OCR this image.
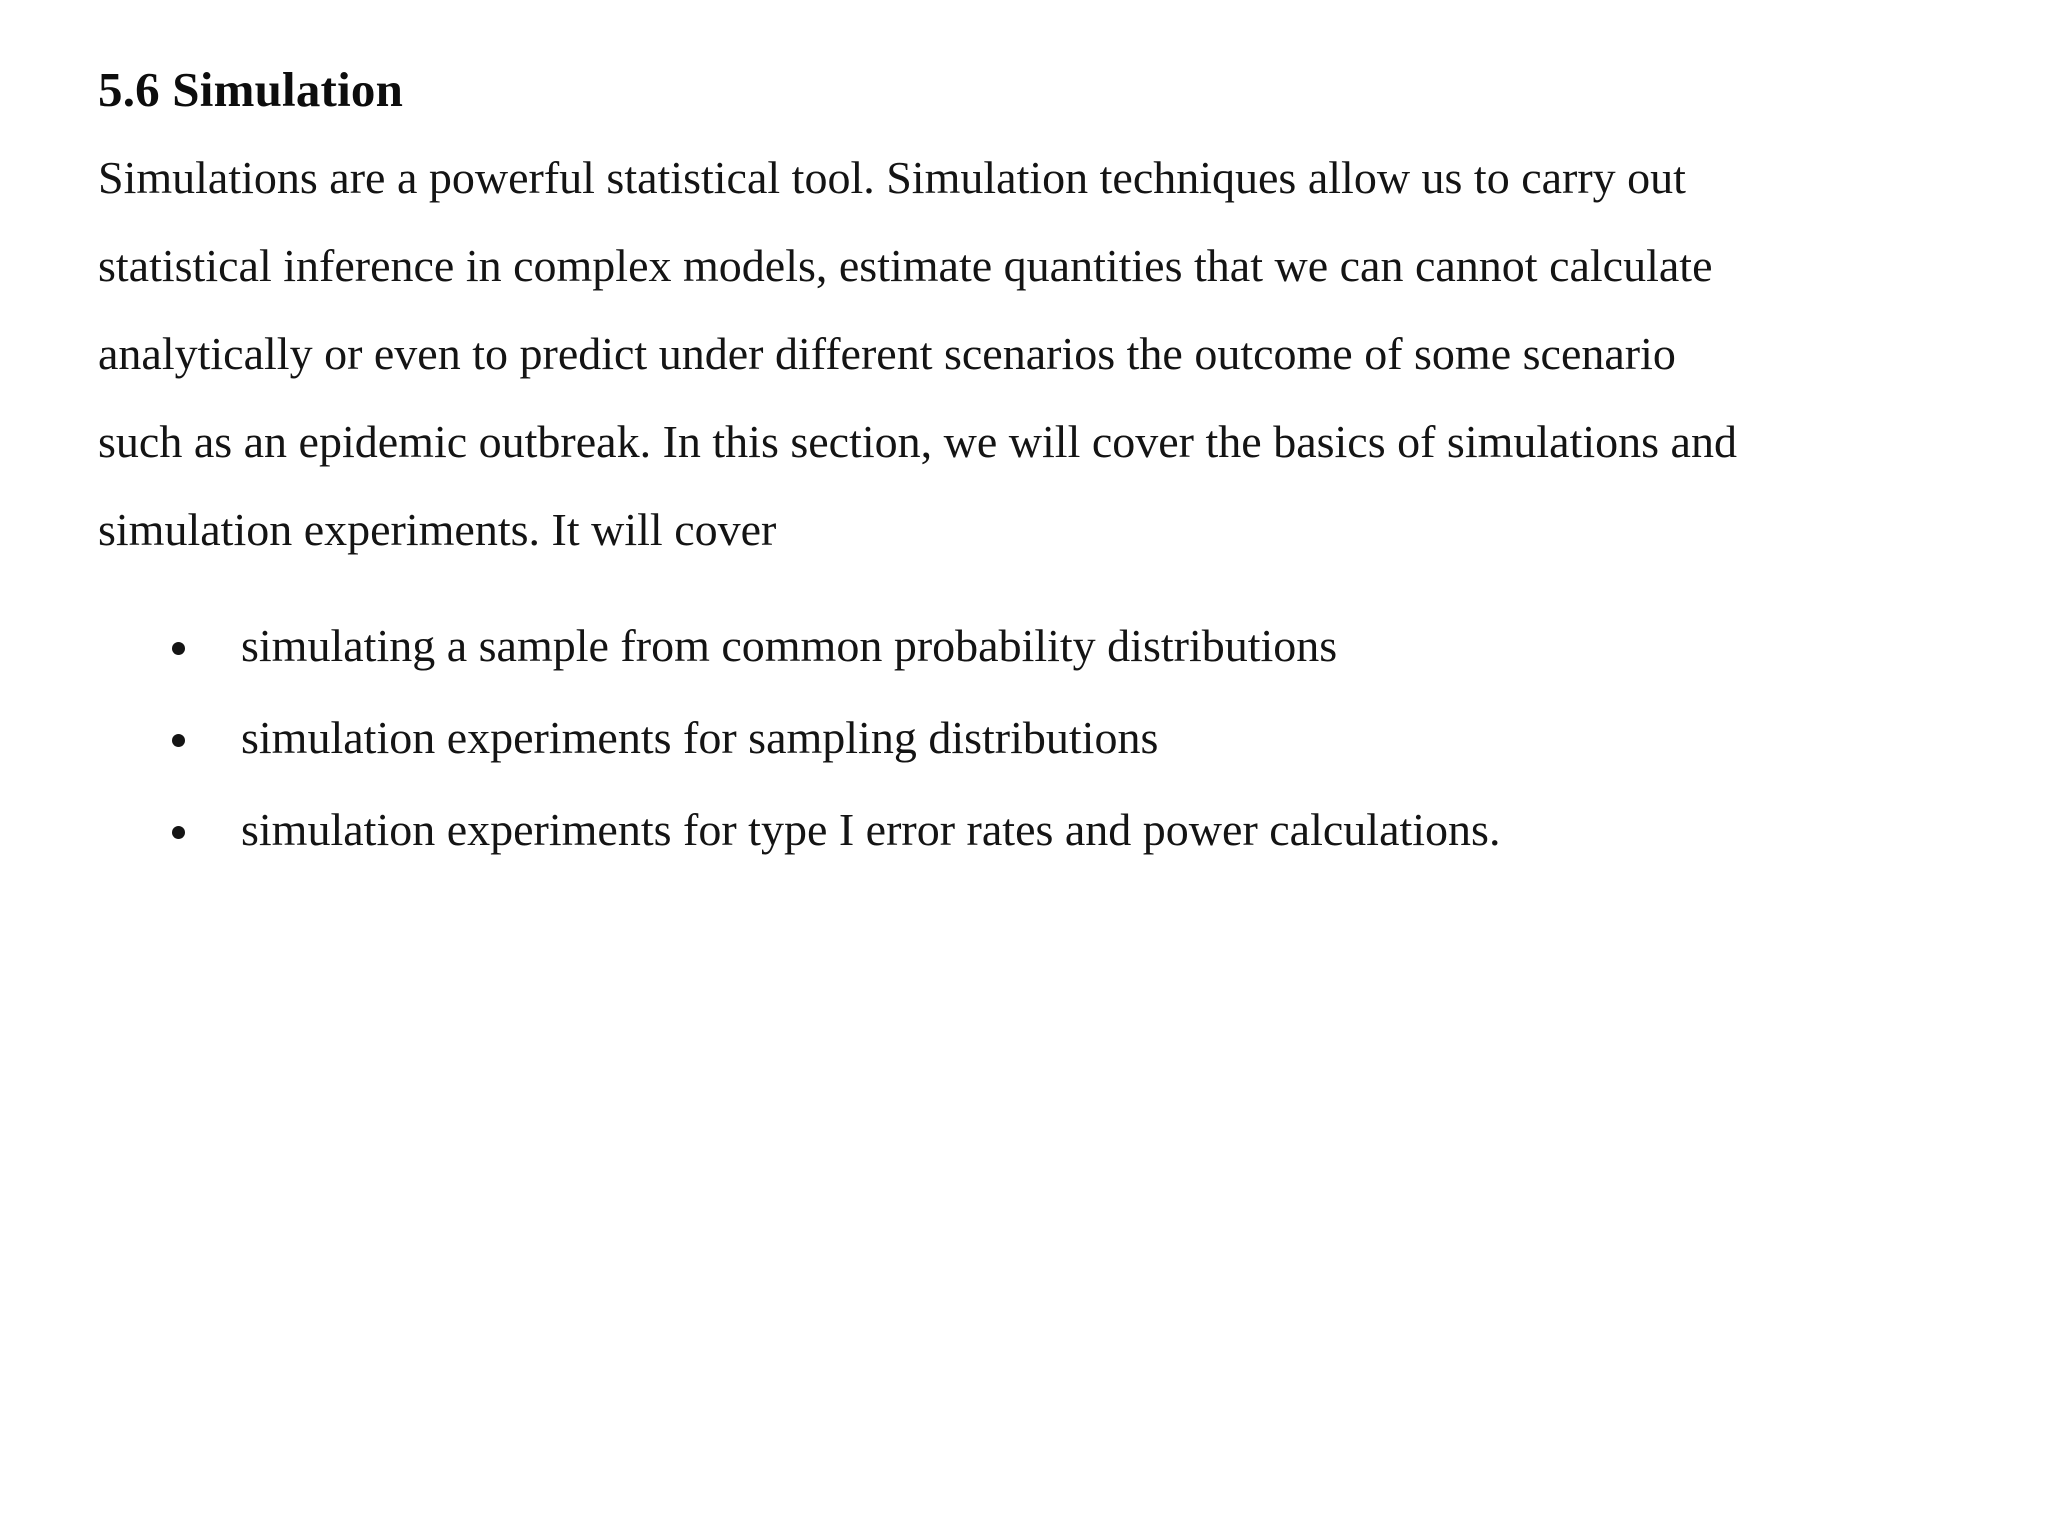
5.6 Simulation

Simulations are a powerful statistical tool. Simulation techniques allow us to carry out
statistical inference in complex models, estimate quantities that we can cannot calculate
analytically or even to predict under different scenarios the outcome of some scenario
such as an epidemic outbreak. In this section, we will cover the basics of simulations and
simulation experiments. It will cover

simulating a sample from common probability distributions
simulation experiments for sampling distributions
simulation experiments for type I error rates and power calculations.
